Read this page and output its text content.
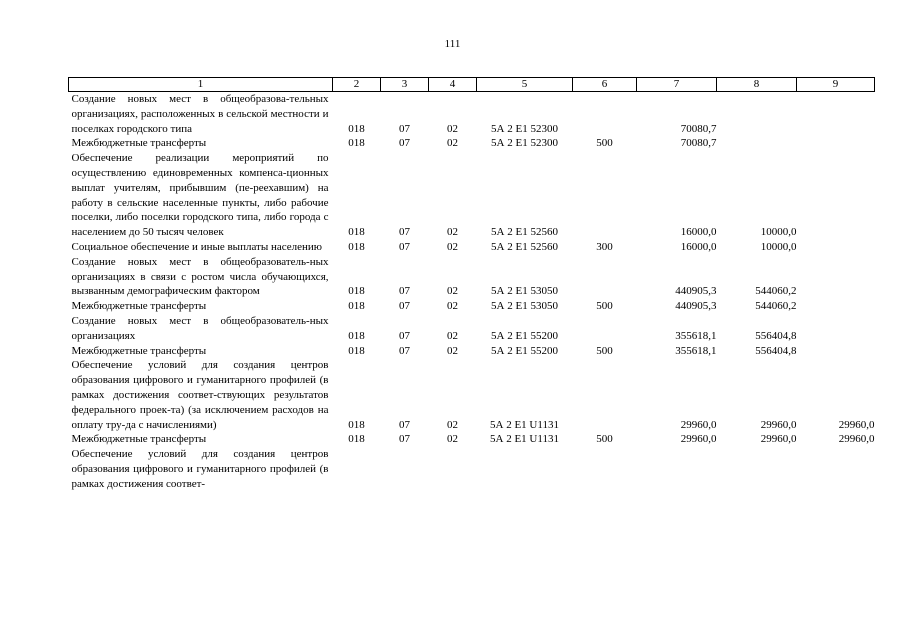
111
1	2	3	4	5	6	7	8	9
Создание новых мест в общеобразова-тельных организациях, расположенных в сельской местности и поселках городского типа	018	07	02	5А 2 Е1 52300		70080,7		
Межбюджетные трансферты	018	07	02	5А 2 Е1 52300	500	70080,7		
Обеспечение реализации мероприятий по осуществлению единовременных компенса-ционных выплат учителям, прибывшим (пе-реехавшим) на работу в сельские населенные пункты, либо рабочие поселки, либо поселки городского типа, либо города с населением до 50 тысяч человек	018	07	02	5А 2 Е1 52560		16000,0	10000,0	
Социальное обеспечение и иные выплаты населению	018	07	02	5А 2 Е1 52560	300	16000,0	10000,0	
Создание новых мест в общеобразователь-ных организациях в связи с ростом числа обучающихся, вызванным демографическим фактором	018	07	02	5А 2 Е1 53050		440905,3	544060,2	
Межбюджетные трансферты	018	07	02	5А 2 Е1 53050	500	440905,3	544060,2	
Создание новых мест в общеобразователь-ных организациях	018	07	02	5А 2 Е1 55200		355618,1	556404,8	
Межбюджетные трансферты	018	07	02	5А 2 Е1 55200	500	355618,1	556404,8	
Обеспечение условий для создания центров образования цифрового и гуманитарного профилей (в рамках достижения соответ-ствующих результатов федерального проек-та) (за исключением расходов на оплату тру-да с начислениями)	018	07	02	5А 2 Е1 U1131		29960,0	29960,0	29960,0
Межбюджетные трансферты	018	07	02	5А 2 Е1 U1131	500	29960,0	29960,0	29960,0
Обеспечение условий для создания центров образования цифрового и гуманитарного профилей (в рамках достижения соответ-								
